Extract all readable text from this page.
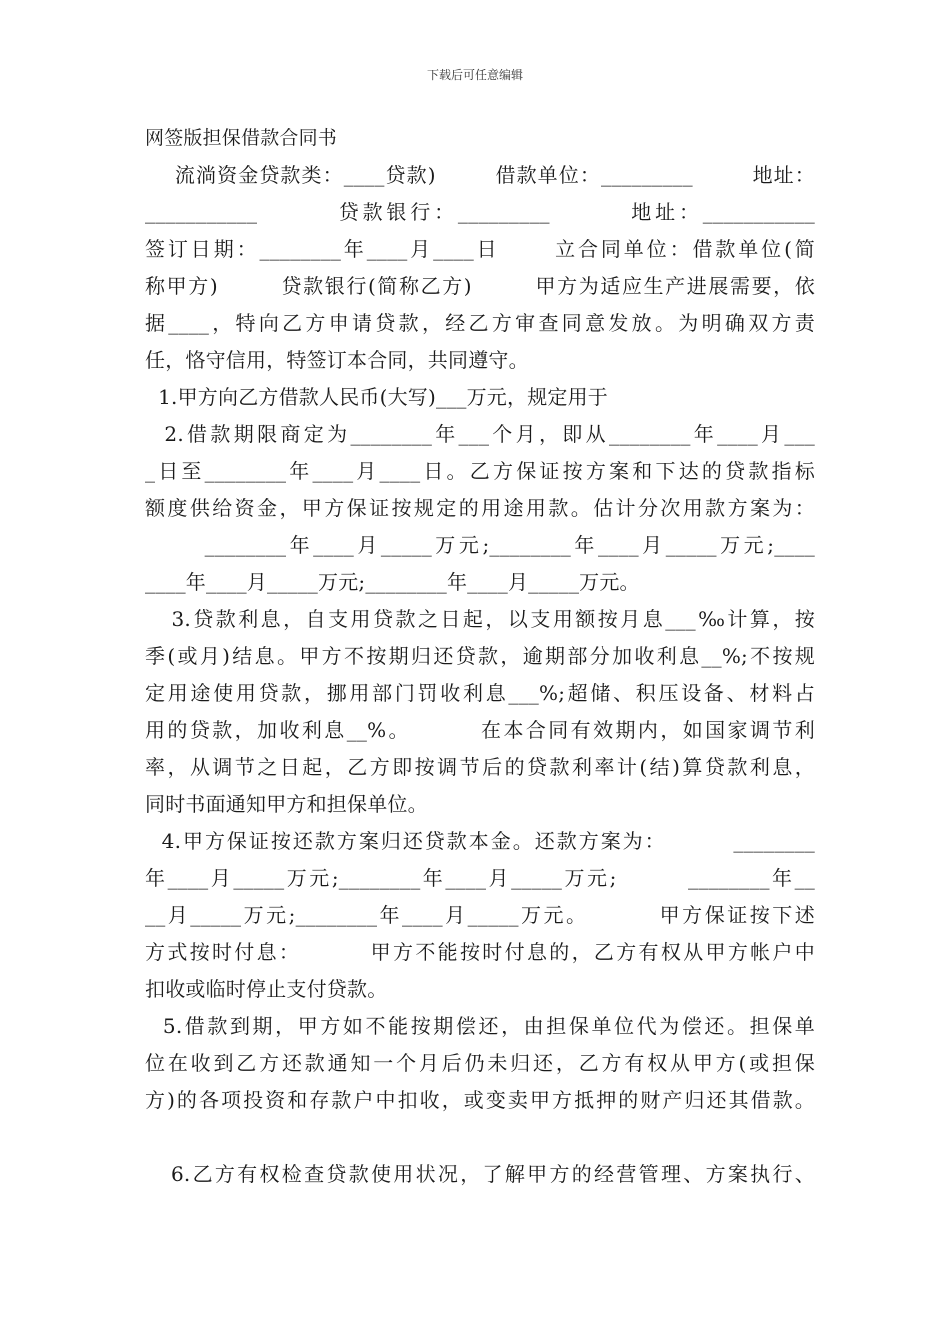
下载后可任意编辑
网签版担保借款合同书
流淌资金贷款类：____贷款)        借款单位：_________        地址：
___________        贷款银行：_________        地址：___________
签订日期：________年____月____日      立合同单位：借款单位(简
称甲方)        贷款银行(简称乙方)        甲方为适应生产进展需要，依
据____，特向乙方申请贷款，经乙方审查同意发放。为明确双方责
任，恪守信用，特签订本合同，共同遵守。
1.甲方向乙方借款人民币(大写)___万元，规定用于
2.借款期限商定为________年___个月，即从________年____月___
_日至________年____月____日。乙方保证按方案和下达的贷款指标
额度供给资金，甲方保证按规定的用途用款。估计分次用款方案为：
________年____月_____万元;________年____月_____万元;____
____年____月_____万元;________年____月_____万元。
3.贷款利息，自支用贷款之日起，以支用额按月息___‰计算，按
季(或月)结息。甲方不按期归还贷款，逾期部分加收利息__%;不按规
定用途使用贷款，挪用部门罚收利息___%;超储、积压设备、材料占
用的贷款，加收利息__%。        在本合同有效期内，如国家调节利
率，从调节之日起，乙方即按调节后的贷款利率计(结)算贷款利息，
同时书面通知甲方和担保单位。
4.甲方保证按还款方案归还贷款本金。还款方案为：        ________
年____月_____万元;________年____月_____万元;        ________年__
__月_____万元;________年____月_____万元。        甲方保证按下述
方式按时付息：        甲方不能按时付息的，乙方有权从甲方帐户中
扣收或临时停止支付贷款。
5.借款到期，甲方如不能按期偿还，由担保单位代为偿还。担保单
位在收到乙方还款通知一个月后仍未归还，乙方有权从甲方(或担保
方)的各项投资和存款户中扣收，或变卖甲方抵押的财产归还其借款。
6.乙方有权检查贷款使用状况，了解甲方的经营管理、方案执行、
